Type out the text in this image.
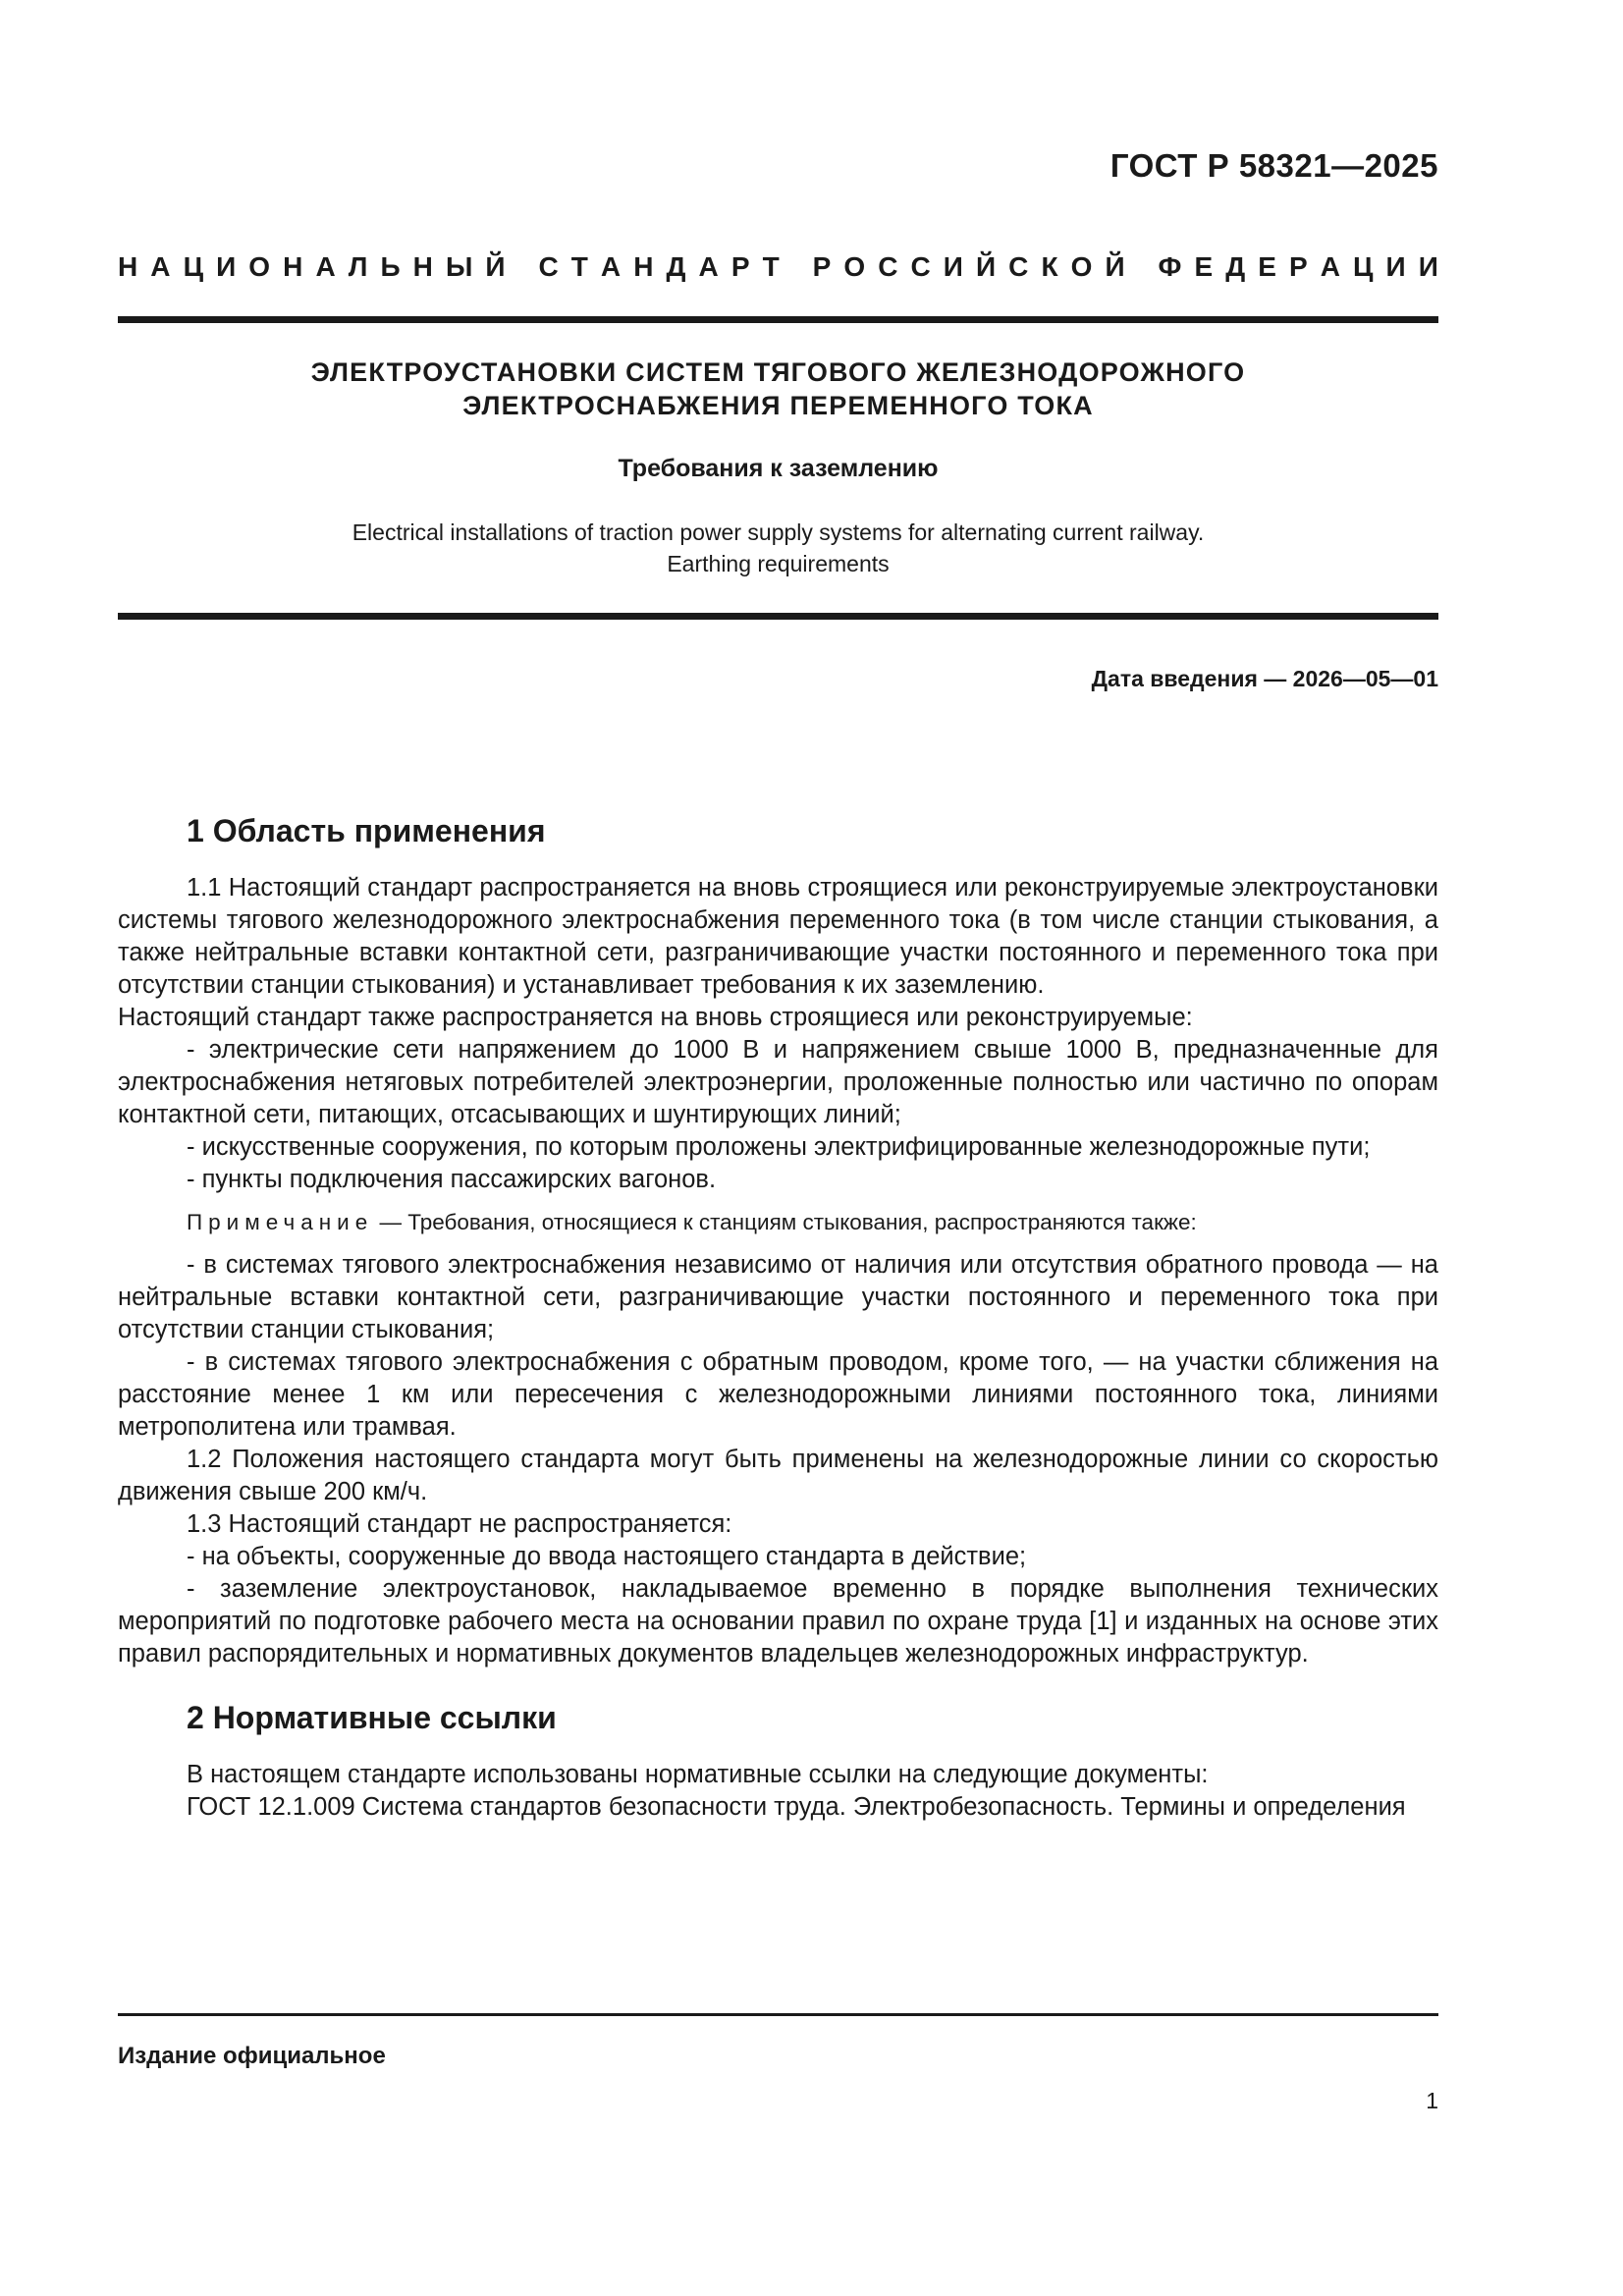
ГОСТ Р 58321—2025
Н А Ц И О Н А Л Ь Н Ы Й
С Т А Н Д А Р Т
Р О С С И Й С К О Й
Ф Е Д Е Р А Ц И И
ЭЛЕКТРОУСТАНОВКИ СИСТЕМ ТЯГОВОГО ЖЕЛЕЗНОДОРОЖНОГО
ЭЛЕКТРОСНАБЖЕНИЯ ПЕРЕМЕННОГО ТОКА
Требования к заземлению
Electrical installations of traction power supply systems for alternating current railway.
Earthing requirements
Дата введения — 2026—05—01
1 Область применения

1.1 Настоящий стандарт распространяется на вновь строящиеся или реконструируемые электроустановки системы тягового железнодорожного электроснабжения переменного тока (в том числе станции стыкования, а также нейтральные вставки контактной сети, разграничивающие участки постоянного и переменного тока при отсутствии станции стыкования) и устанавливает требования к их заземлению.

Настоящий стандарт также распространяется на вновь строящиеся или реконструируемые:

- электрические сети напряжением до 1000 В и напряжением свыше 1000 В, предназначенные для электроснабжения нетяговых потребителей электроэнергии, проложенные полностью или частично по опорам контактной сети, питающих, отсасывающих и шунтирующих линий;

- искусственные сооружения, по которым проложены электрифицированные железнодорожные пути;

- пункты подключения пассажирских вагонов.

Примечание — Требования, относящиеся к станциям стыкования, распространяются также:

- в системах тягового электроснабжения независимо от наличия или отсутствия обратного провода — на нейтральные вставки контактной сети, разграничивающие участки постоянного и переменного тока при отсутствии станции стыкования;

- в системах тягового электроснабжения с обратным проводом, кроме того, — на участки сближения на расстояние менее 1 км или пересечения с железнодорожными линиями постоянного тока, линиями метрополитена или трамвая.

1.2 Положения настоящего стандарта могут быть применены на железнодорожные линии со скоростью движения свыше 200 км/ч.

1.3 Настоящий стандарт не распространяется:

- на объекты, сооруженные до ввода настоящего стандарта в действие;

- заземление электроустановок, накладываемое временно в порядке выполнения технических мероприятий по подготовке рабочего места на основании правил по охране труда [1] и изданных на основе этих правил распорядительных и нормативных документов владельцев железнодорожных инфраструктур.

2 Нормативные ссылки

В настоящем стандарте использованы нормативные ссылки на следующие документы:

ГОСТ 12.1.009 Система стандартов безопасности труда. Электробезопасность. Термины и определения

Издание официальное
1
